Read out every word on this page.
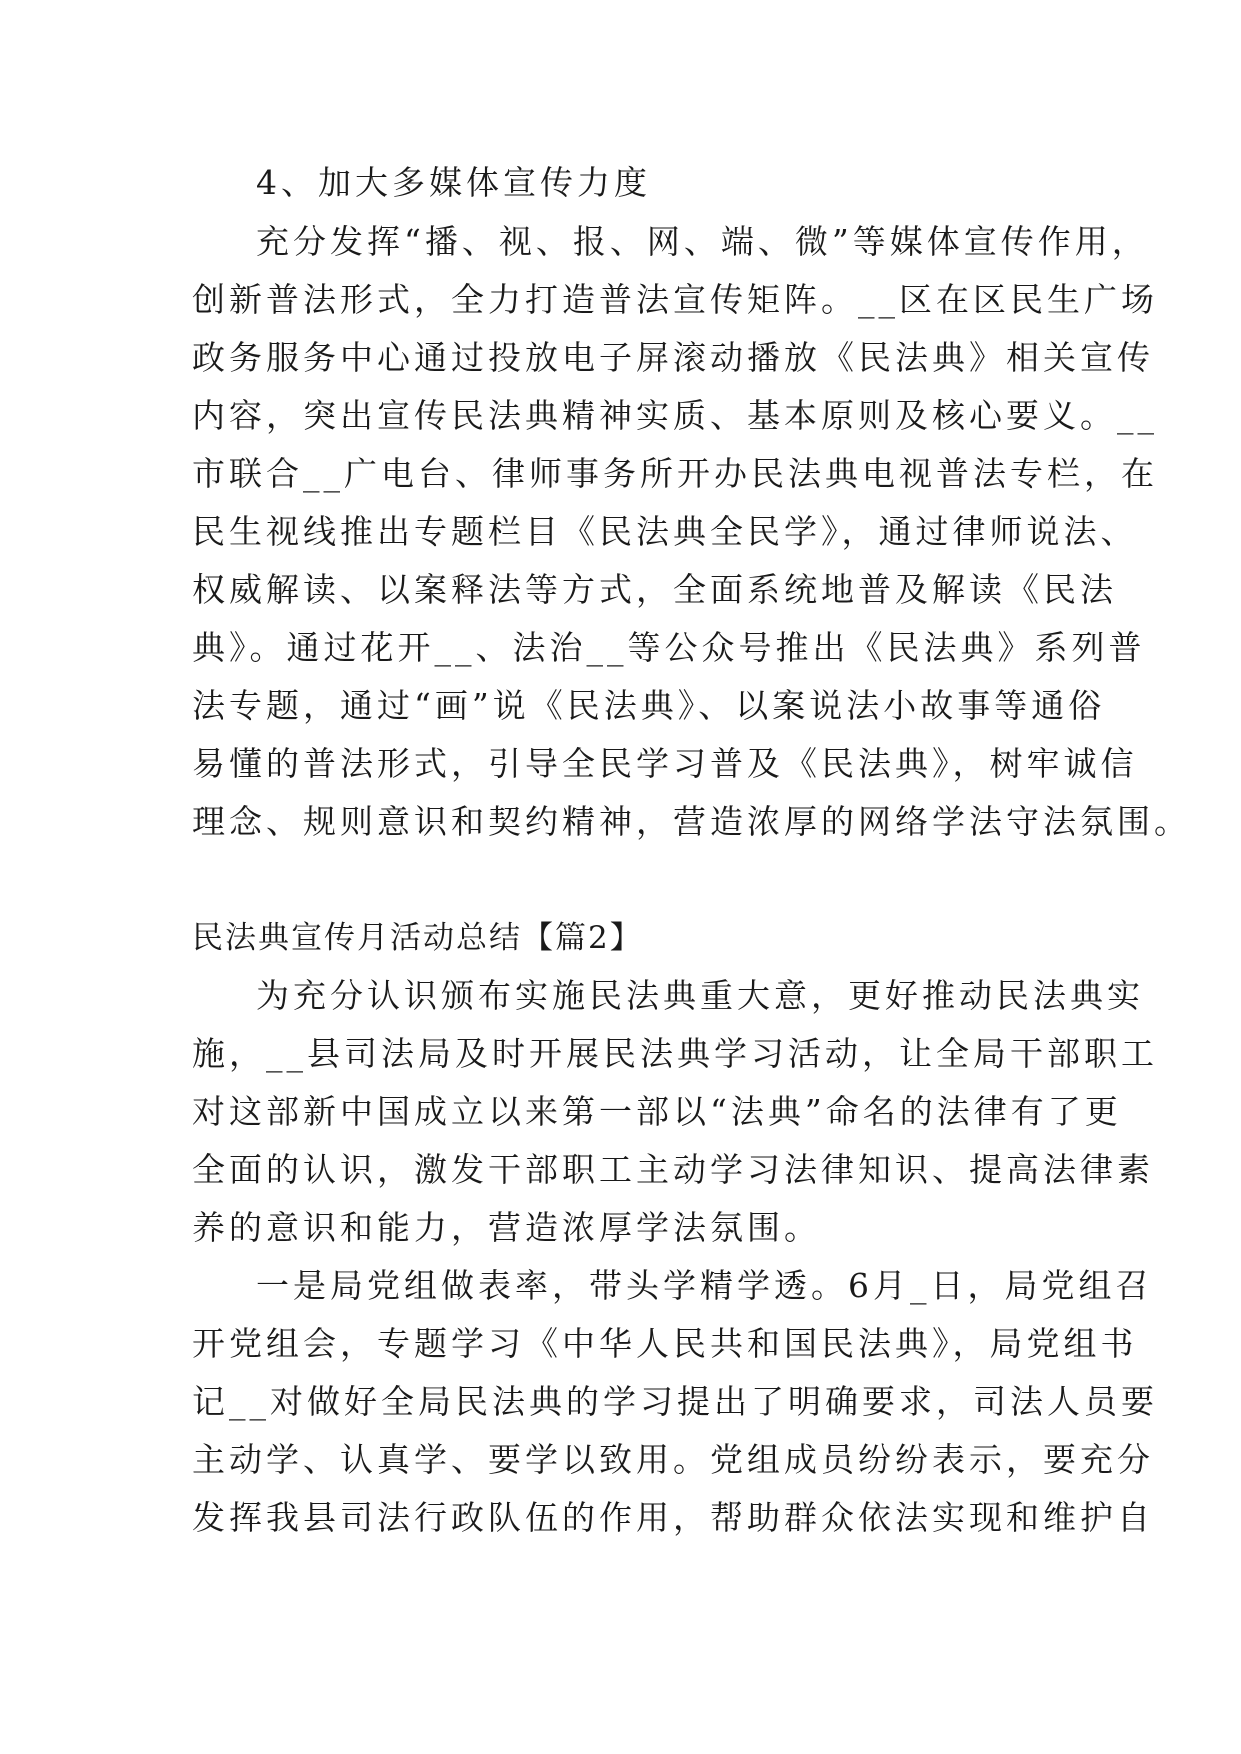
4、加大多媒体宣传力度
充分发挥“播、视、报、网、端、微”等媒体宣传作用，
创新普法形式，全力打造普法宣传矩阵。__区在区民生广场
政务服务中心通过投放电子屏滚动播放《民法典》相关宣传
内容，突出宣传民法典精神实质、基本原则及核心要义。__
市联合__广电台、律师事务所开办民法典电视普法专栏，在
民生视线推出专题栏目《民法典全民学》，通过律师说法、
权威解读、以案释法等方式，全面系统地普及解读《民法
典》。通过花开__、法治__等公众号推出《民法典》系列普
法专题，通过“画”说《民法典》、以案说法小故事等通俗
易懂的普法形式，引导全民学习普及《民法典》，树牢诚信
理念、规则意识和契约精神，营造浓厚的网络学法守法氛围。
民法典宣传月活动总结【篇2】
为充分认识颁布实施民法典重大意，更好推动民法典实
施，__县司法局及时开展民法典学习活动，让全局干部职工
对这部新中国成立以来第一部以“法典”命名的法律有了更
全面的认识，激发干部职工主动学习法律知识、提高法律素
养的意识和能力，营造浓厚学法氛围。
一是局党组做表率，带头学精学透。6月_日，局党组召
开党组会，专题学习《中华人民共和国民法典》，局党组书
记__对做好全局民法典的学习提出了明确要求，司法人员要
主动学、认真学、要学以致用。党组成员纷纷表示，要充分
发挥我县司法行政队伍的作用，帮助群众依法实现和维护自
